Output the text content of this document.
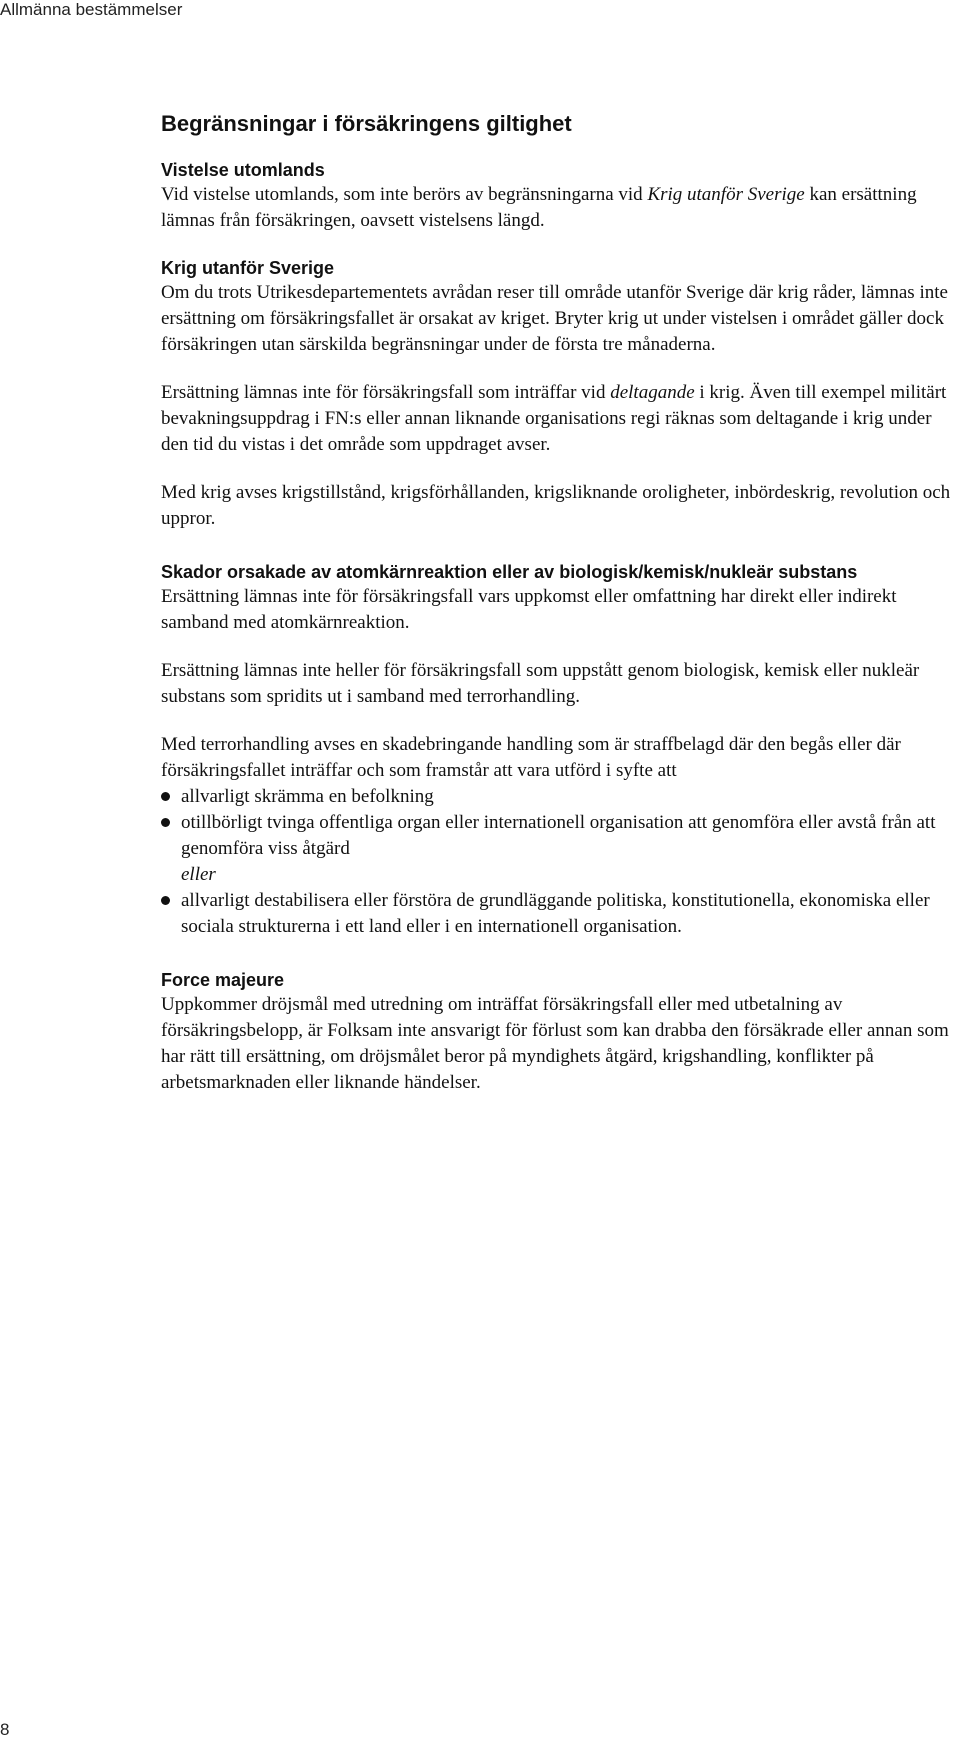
Allmänna bestämmelser
Begränsningar i försäkringens giltighet
Vistelse utomlands

Vid vistelse utomlands, som inte berörs av begränsningarna vid Krig utanför Sverige kan ersättning lämnas från försäkringen, oavsett vistelsens längd.

Krig utanför Sverige

Om du trots Utrikesdepartementets avrådan reser till område utanför Sverige där krig råder, lämnas inte ersättning om försäkringsfallet är orsakat av kriget. Bryter krig ut under vistelsen i området gäller dock försäkringen utan särskilda begränsningar under de första tre månaderna.

Ersättning lämnas inte för försäkringsfall som inträffar vid deltagande i krig. Även till exempel militärt bevakningsuppdrag i FN:s eller annan liknande organisations regi räknas som deltagande i krig under den tid du vistas i det område som uppdraget avser.

Med krig avses krigstillstånd, krigsförhållanden, krigsliknande oroligheter, inbördeskrig, revolution och uppror.

Skador orsakade av atomkärnreaktion eller av biologisk/kemisk/nukleär substans

Ersättning lämnas inte för försäkringsfall vars uppkomst eller omfattning har direkt eller indirekt samband med atomkärnreaktion.

Ersättning lämnas inte heller för försäkringsfall som uppstått genom biologisk, kemisk eller nukleär substans som spridits ut i samband med terrorhandling.

Med terrorhandling avses en skadebringande handling som är straffbelagd där den begås eller där försäkringsfallet inträffar och som framstår att vara utförd i syfte att

allvarligt skrämma en befolkning
otillbörligt tvinga offentliga organ eller internationell organisation att genomföra eller avstå från att genomföra viss åtgärd
eller
allvarligt destabilisera eller förstöra de grundläggande politiska, konstitutionella, ekonomiska eller sociala strukturerna i ett land eller i en internationell organisation.
Force majeure

Uppkommer dröjsmål med utredning om inträffat försäkringsfall eller med utbetalning av försäkringsbelopp, är Folksam inte ansvarigt för förlust som kan drabba den försäkrade eller annan som har rätt till ersättning, om dröjsmålet beror på myndighets åtgärd, krigshandling, konflikter på arbetsmarknaden eller liknande händelser.

8
